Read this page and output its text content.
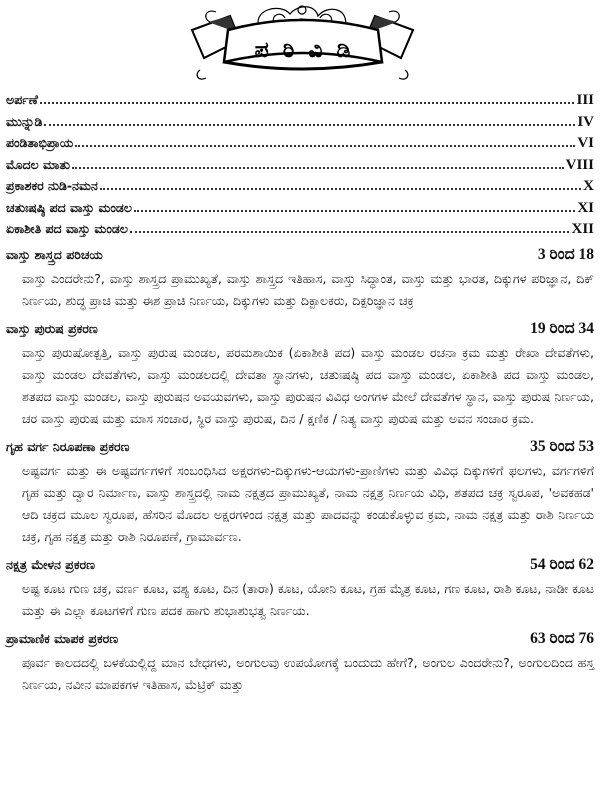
ಪರಿವಿಡಿ
ಅರ್ಪಣೆ	III
ಮುನ್ನುಡಿ	IV
ಪಂಡಿತಾಭಿಪ್ರಾಯ	VI
ಮೊದಲ ಮಾತು	VIII
ಪ್ರಕಾಶಕರ ನುಡಿ-ನಮನ	X
ಚತುಃಷಷ್ಠಿ ಪದ ವಾಸ್ತು ಮಂಡಲ	XI
ಏಕಾಶೀತಿ ಪದ ವಾಸ್ತು ಮಂಡಲ	XII
ವಾಸ್ತು ಶಾಸ್ತ್ರದ ಪರಿಚಯ	3 ರಿಂದ 18
ವಾಸ್ತು ಎಂದರೇನು?, ವಾಸ್ತು ಶಾಸ್ತ್ರದ ಪ್ರಾಮುಖ್ಯತೆ, ವಾಸ್ತು ಶಾಸ್ತ್ರದ ಇತಿಹಾಸ, ವಾಸ್ತು ಸಿದ್ಧಾಂತ, ವಾಸ್ತು ಮತ್ತು ಭಾರತ, ದಿಕ್ಕುಗಳ ಪರಿಜ್ಞಾನ, ದಿಕ್ ನಿರ್ಣಯ, ಶುದ್ಧ ಪ್ರಾಚಿ ಮತ್ತು ಈಶ ಪ್ರಾಚಿ ನಿರ್ಣಯ, ದಿಕ್ಕುಗಳು ಮತ್ತು ದಿಕ್ಪಾಲಕರು, ದಿಕ್ಪರಿಜ್ಞಾನ ಚಕ್ರ
ವಾಸ್ತು ಪುರುಷ ಪ್ರಕರಣ	19 ರಿಂದ 34
ವಾಸ್ತು ಪುರುಷೋತ್ಪತ್ತಿ, ವಾಸ್ತು ಪುರುಷ ಮಂಡಲ, ಪರಮಶಾಯಿಕ (ಏಕಾಶೀತಿ ಪದ) ವಾಸ್ತು ಮಂಡಲ ರಚನಾ ಕ್ರಮ ಮತ್ತು ರೇಖಾ ದೇವತೆಗಳು, ವಾಸ್ತು ಮಂಡಲ ದೇವತೆಗಳು, ವಾಸ್ತು ಮಂಡಲದಲ್ಲಿ ದೇವತಾ ಸ್ಥಾನಗಳು, ಚತುಃಷಷ್ಠಿ ಪದ ವಾಸ್ತು ಮಂಡಲ, ಏಕಾಶೀತಿ ಪದ ವಾಸ್ತು ಮಂಡಲ, ಶತಪದ ವಾಸ್ತು ಮಂಡಲ, ವಾಸ್ತು ಪುರುಷನ ಅವಯವಗಳು, ವಾಸ್ತು ಪುರುಷನ ವಿವಿಧ ಅಂಗಗಳ ಮೇಲೆ ದೇವತೆಗಳ ಸ್ಥಾನ, ವಾಸ್ತು ಪುರುಷ ನಿರ್ಣಯ, ಚರ ವಾಸ್ತು ಪುರುಷ ಮತ್ತು ಮಾಸ ಸಂಚಾರ, ಸ್ಥಿರ ವಾಸ್ತು ಪುರುಷ, ದಿನ / ಕ್ಷಣಿಕ / ನಿತ್ಯ ವಾಸ್ತು ಪುರುಷ ಮತ್ತು ಅವನ ಸಂಚಾರ ಕ್ರಮ.
ಗೃಹ ವರ್ಗ ನಿರೂಪಣಾ ಪ್ರಕರಣ	35 ರಿಂದ 53
ಅಷ್ಟವರ್ಗ ಮತ್ತು ಈ ಅಷ್ಟವರ್ಗಗಳಿಗೆ ಸಂಬಂಧಿಸಿದ ಅಕ್ಷರಗಳು-ದಿಕ್ಕುಗಳು-ಆಯಗಳು-ಪ್ರಾಣಿಗಳು ಮತ್ತು ವಿವಿಧ ದಿಕ್ಕುಗಳಿಗೆ ಫಲಗಳು, ವರ್ಗಗಳಿಗೆ ಗೃಹ ಮತ್ತು ದ್ವಾರ ನಿರ್ಮಾಣ, ವಾಸ್ತು ಶಾಸ್ತ್ರದಲ್ಲಿ ನಾಮ ನಕ್ಷತ್ರದ ಪ್ರಾಮುಖ್ಯತೆ, ನಾಮ ನಕ್ಷತ್ರ ನಿರ್ಣಯ ವಿಧಿ, ಶತಪದ ಚಕ್ರ ಸ್ವರೂಪ, 'ಅವಕಹಡ' ಆದಿ ಚಕ್ರದ ಮೂಲ ಸ್ವರೂಪ, ಹೆಸರಿನ ಮೊದಲ ಅಕ್ಷರಗಳಿಂದ ನಕ್ಷತ್ರ ಮತ್ತು ಪಾದವನ್ನು ಕಂಡುಕೊಳ್ಳುವ ಕ್ರಮ, ನಾಮ ನಕ್ಷತ್ರ ಮತ್ತು ರಾಶಿ ನಿರ್ಣಯ ಚಕ್ರ, ಗೃಹ ನಕ್ಷತ್ರ ಮತ್ತು ರಾಶಿ ನಿರೂಪಣೆ, ಗ್ರಾಮಾರ್ವಣ.
ನಕ್ಷತ್ರ ಮೇಳನ ಪ್ರಕರಣ	54 ರಿಂದ 62
ಅಷ್ಟ ಕೂಟ ಗುಣ ಚಕ್ರ, ವರ್ಣ ಕೂಟ, ವಶ್ಯ ಕೂಟ, ದಿನ (ತಾರಾ) ಕೂಟ, ಯೋನಿ ಕೂಟ, ಗ್ರಹ ಮೈತ್ರ ಕೂಟ, ಗಣ ಕೂಟ, ರಾಶಿ ಕೂಟ, ನಾಡೀ ಕೂಟ ಮತ್ತು ಈ ಎಲ್ಲಾ ಕೂಟಗಳಿಗೆ ಗುಣ ಪದಕ ಹಾಗು ಶುಭಾಶುಭತ್ವ ನಿರ್ಣಯ.
ಪ್ರಾಮಾಣಿಕ ಮಾಪಕ ಪ್ರಕರಣ	63 ರಿಂದ 76
ಪೂರ್ವ ಕಾಲದದಲ್ಲಿ ಬಳಕೆಯಲ್ಲಿದ್ದ ಮಾನ ಬೇಧಗಳು, ಅಂಗುಲವು ಉಪಯೋಗಕ್ಕೆ ಬಂದುದು ಹೇಗೆ?, ಅಂಗುಲ ಎಂದರೇನು?, ಅಂಗುಲದಿಂದ ಹಸ್ತ ನಿರ್ಣಯ, ನವೀನ ಮಾಪಕಗಳ ಇತಿಹಾಸ, ಮೆಟ್ರಿಕ್ ಮತ್ತು
